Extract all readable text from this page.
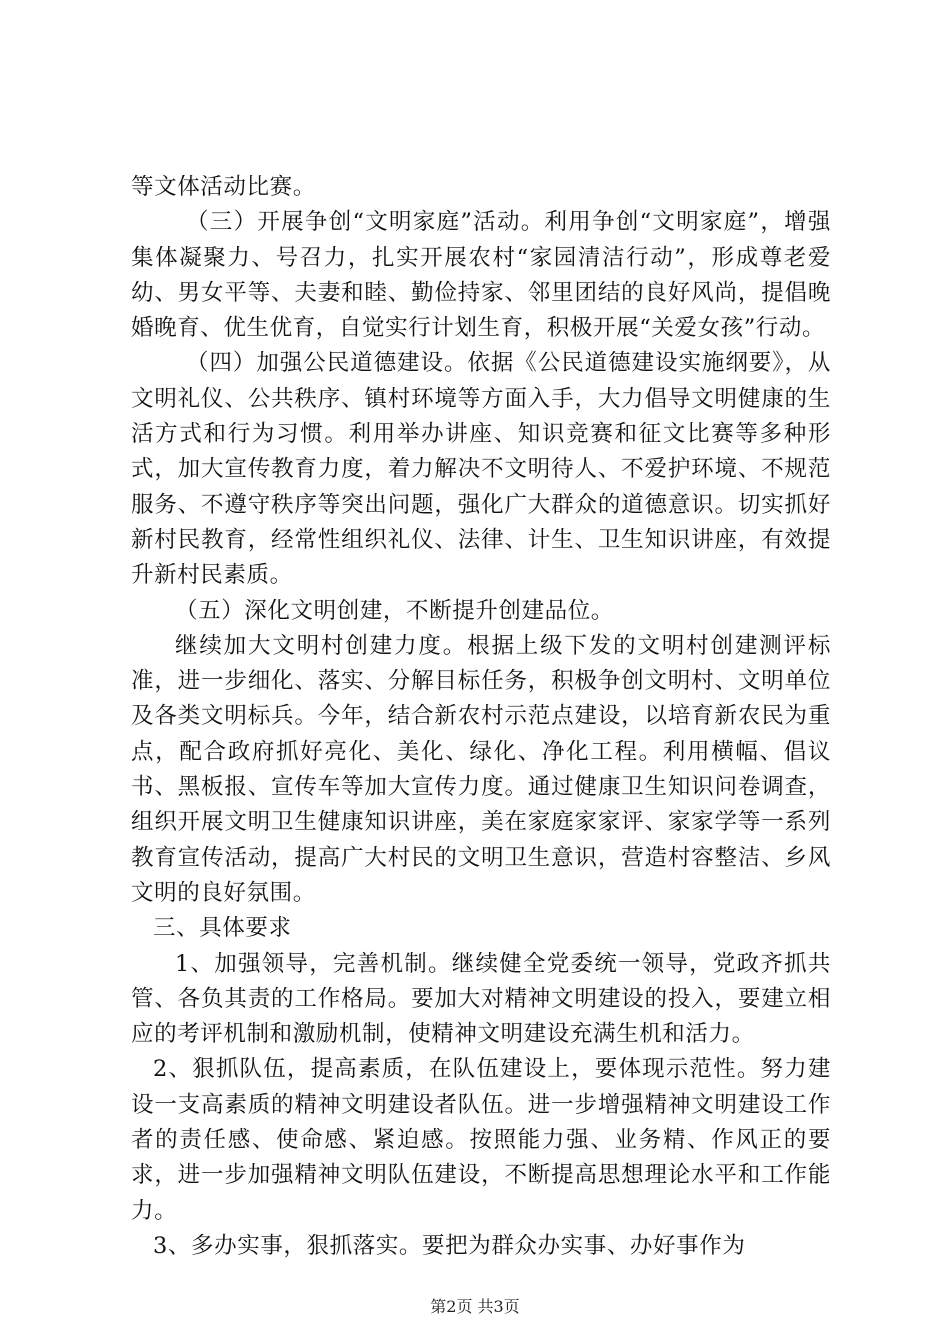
等文体活动比赛。

（三）开展争创“文明家庭”活动。利用争创“文明家庭”，增强集体凝聚力、号召力，扎实开展农村“家园清洁行动”，形成尊老爱幼、男女平等、夫妻和睦、勤俭持家、邻里团结的良好风尚，提倡晚婚晚育、优生优育，自觉实行计划生育，积极开展“关爱女孩”行动。

（四）加强公民道德建设。依据《公民道德建设实施纲要》，从文明礼仪、公共秩序、镇村环境等方面入手，大力倡导文明健康的生活方式和行为习惯。利用举办讲座、知识竞赛和征文比赛等多种形式，加大宣传教育力度，着力解决不文明待人、不爱护环境、不规范服务、不遵守秩序等突出问题，强化广大群众的道德意识。切实抓好新村民教育，经常性组织礼仪、法律、计生、卫生知识讲座，有效提升新村民素质。

（五）深化文明创建，不断提升创建品位。

继续加大文明村创建力度。根据上级下发的文明村创建测评标准，进一步细化、落实、分解目标任务，积极争创文明村、文明单位及各类文明标兵。今年，结合新农村示范点建设，以培育新农民为重点，配合政府抓好亮化、美化、绿化、净化工程。利用横幅、倡议书、黑板报、宣传车等加大宣传力度。通过健康卫生知识问卷调查，组织开展文明卫生健康知识讲座，美在家庭家家评、家家学等一系列教育宣传活动，提高广大村民的文明卫生意识，营造村容整洁、乡风文明的良好氛围。

三、具体要求

1、加强领导，完善机制。继续健全党委统一领导，党政齐抓共管、各负其责的工作格局。要加大对精神文明建设的投入，要建立相应的考评机制和激励机制，使精神文明建设充满生机和活力。

2、狠抓队伍，提高素质，在队伍建设上，要体现示范性。努力建设一支高素质的精神文明建设者队伍。进一步增强精神文明建设工作者的责任感、使命感、紧迫感。按照能力强、业务精、作风正的要求，进一步加强精神文明队伍建设，不断提高思想理论水平和工作能力。

3、多办实事，狠抓落实。要把为群众办实事、办好事作为

第2页 共3页
